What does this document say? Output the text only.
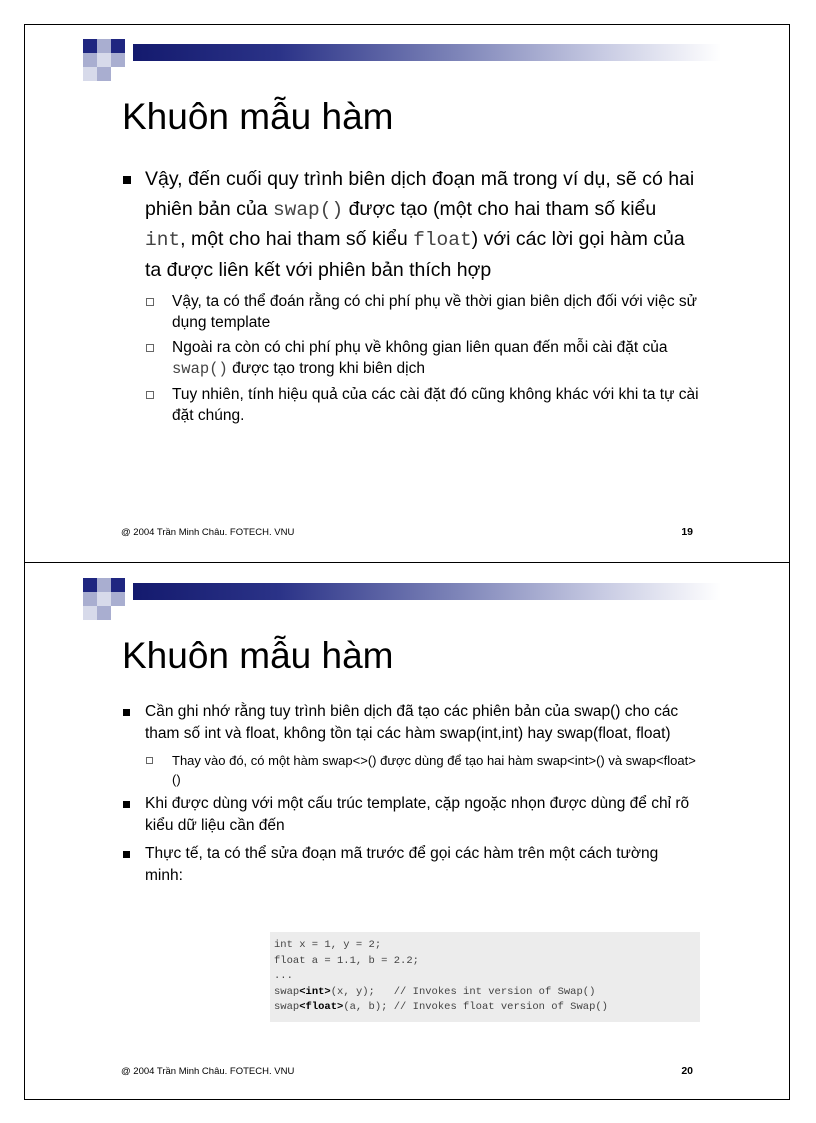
Khuôn mẫu hàm
Vậy, đến cuối quy trình biên dịch đoạn mã trong ví dụ, sẽ có hai phiên bản của swap() được tạo (một cho hai tham số kiểu int, một cho hai tham số kiểu float) với các lời gọi hàm của ta được liên kết với phiên bản thích hợp
Vậy, ta có thể đoán rằng có chi phí phụ về thời gian biên dịch đối với việc sử dụng template
Ngoài ra còn có chi phí phụ về không gian liên quan đến mỗi cài đặt của swap() được tạo trong khi biên dịch
Tuy nhiên, tính hiệu quả của các cài đặt đó cũng không khác với khi ta tự cài đặt chúng.
@ 2004 Trần Minh Châu. FOTECH. VNU	19
Khuôn mẫu hàm
Cần ghi nhớ rằng tuy trình biên dịch đã tạo các phiên bản của swap() cho các tham số int và float, không tồn tại các hàm swap(int,int) hay swap(float, float)
Thay vào đó, có một hàm swap<>() được dùng để tạo hai hàm swap<int>() và swap<float>()
Khi được dùng với một cấu trúc template, cặp ngoặc nhọn được dùng để chỉ rõ kiểu dữ liệu cần đến
Thực tế, ta có thể sửa đoạn mã trước để gọi các hàm trên một cách tường minh:
int x = 1, y = 2;
float a = 1.1, b = 2.2;
...
swap<int>(x, y);   // Invokes int version of Swap()
swap<float>(a, b); // Invokes float version of Swap()
@ 2004 Trần Minh Châu. FOTECH. VNU	20
